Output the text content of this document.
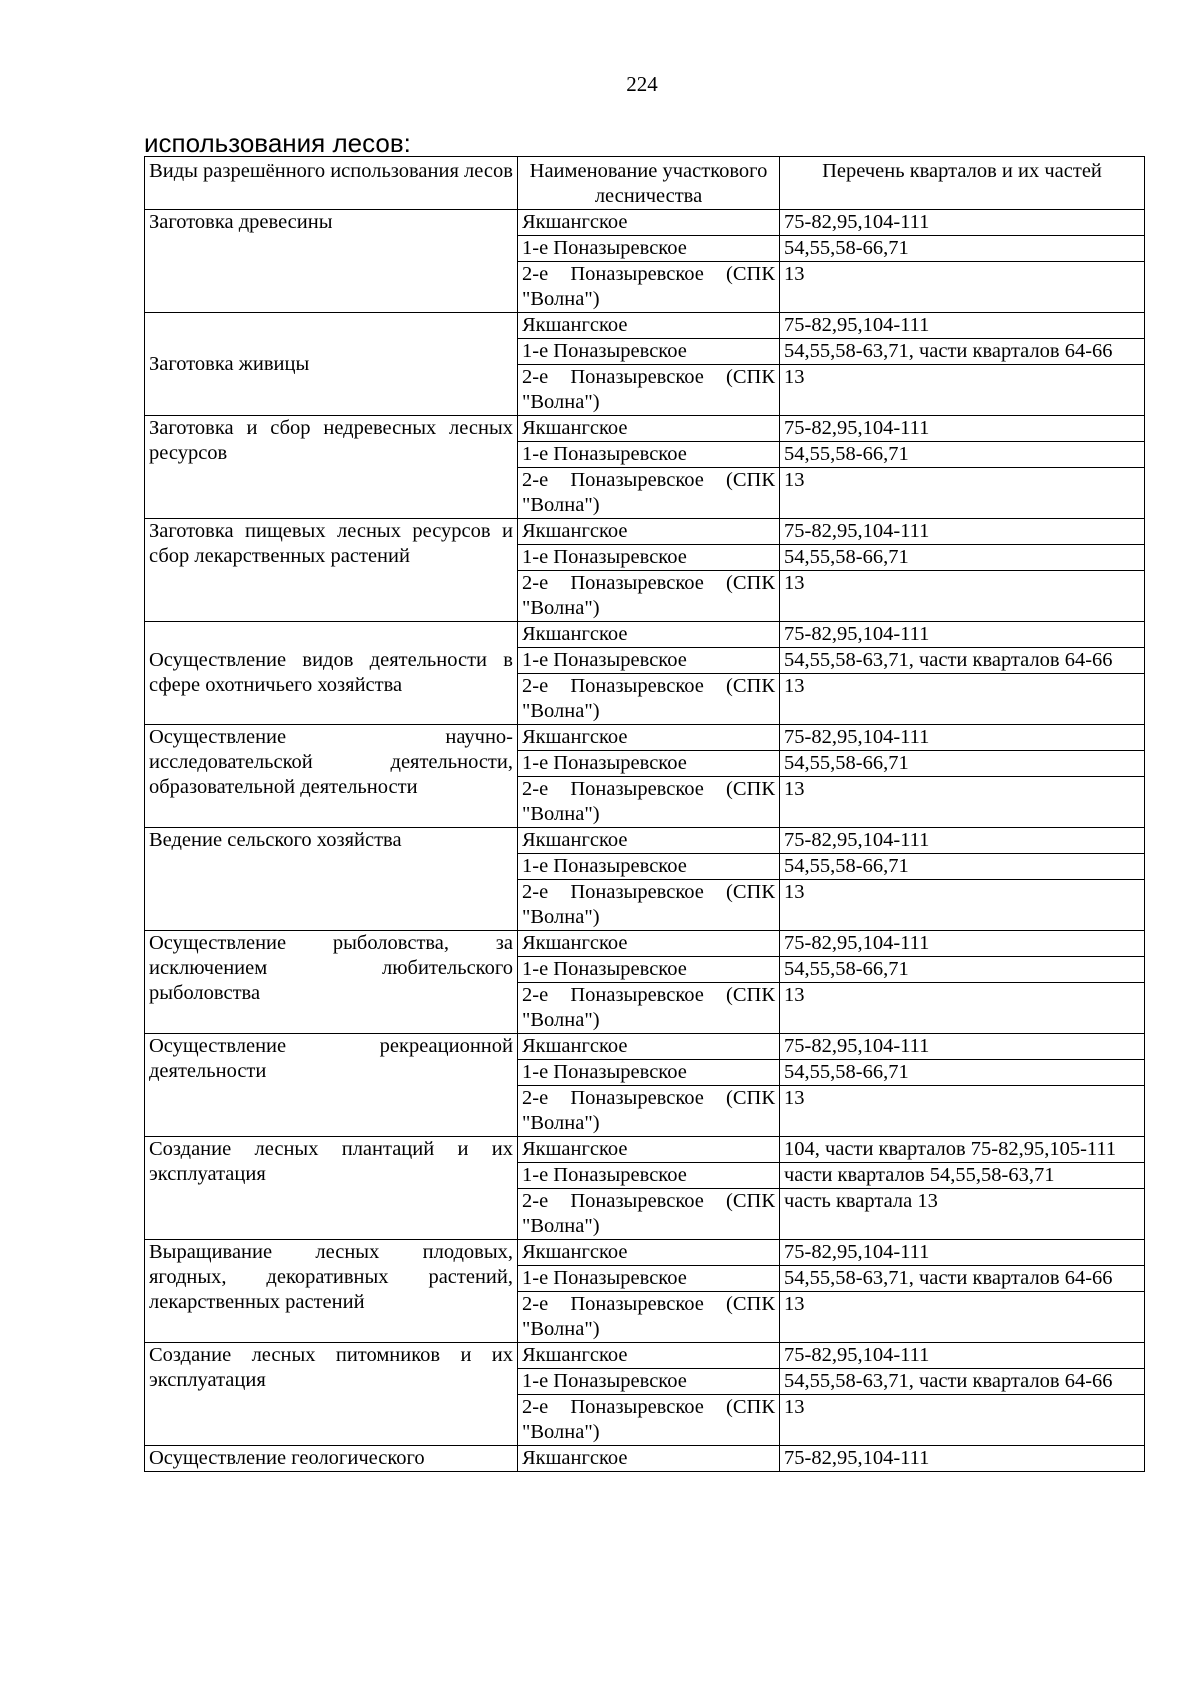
224
использования лесов:
Виды разрешённого использования лесов	Наименование участкового лесничества	Перечень кварталов и их частей
Заготовка древесины	Якшангское	75-82,95,104-111
	1-е Поназыревское	54,55,58-66,71
	2-е Поназыревское (СПК "Волна")	13
Заготовка живицы	Якшангское	75-82,95,104-111
	1-е Поназыревское	54,55,58-63,71, части кварталов 64-66
	2-е Поназыревское (СПК "Волна")	13
Заготовка и сбор недревесных лесных ресурсов	Якшангское	75-82,95,104-111
	1-е Поназыревское	54,55,58-66,71
	2-е Поназыревское (СПК "Волна")	13
Заготовка пищевых лесных ресурсов и сбор лекарственных растений	Якшангское	75-82,95,104-111
	1-е Поназыревское	54,55,58-66,71
	2-е Поназыревское (СПК "Волна")	13
Осуществление видов деятельности в сфере охотничьего хозяйства	Якшангское	75-82,95,104-111
	1-е Поназыревское	54,55,58-63,71, части кварталов 64-66
	2-е Поназыревское (СПК "Волна")	13
Осуществление научно-исследовательской деятельности, образовательной деятельности	Якшангское	75-82,95,104-111
	1-е Поназыревское	54,55,58-66,71
	2-е Поназыревское (СПК "Волна")	13
Ведение сельского хозяйства	Якшангское	75-82,95,104-111
	1-е Поназыревское	54,55,58-66,71
	2-е Поназыревское (СПК "Волна")	13
Осуществление рыболовства, за исключением любительского рыболовства	Якшангское	75-82,95,104-111
	1-е Поназыревское	54,55,58-66,71
	2-е Поназыревское (СПК "Волна")	13
Осуществление рекреационной деятельности	Якшангское	75-82,95,104-111
	1-е Поназыревское	54,55,58-66,71
	2-е Поназыревское (СПК "Волна")	13
Создание лесных плантаций и их эксплуатация	Якшангское	104, части кварталов 75-82,95,105-111
	1-е Поназыревское	части кварталов 54,55,58-63,71
	2-е Поназыревское (СПК "Волна")	часть квартала 13
Выращивание лесных плодовых, ягодных, декоративных растений, лекарственных растений	Якшангское	75-82,95,104-111
	1-е Поназыревское	54,55,58-63,71, части кварталов 64-66
	2-е Поназыревское (СПК "Волна")	13
Создание лесных питомников и их эксплуатация	Якшангское	75-82,95,104-111
	1-е Поназыревское	54,55,58-63,71, части кварталов 64-66
	2-е Поназыревское (СПК "Волна")	13
Осуществление геологического	Якшангское	75-82,95,104-111
